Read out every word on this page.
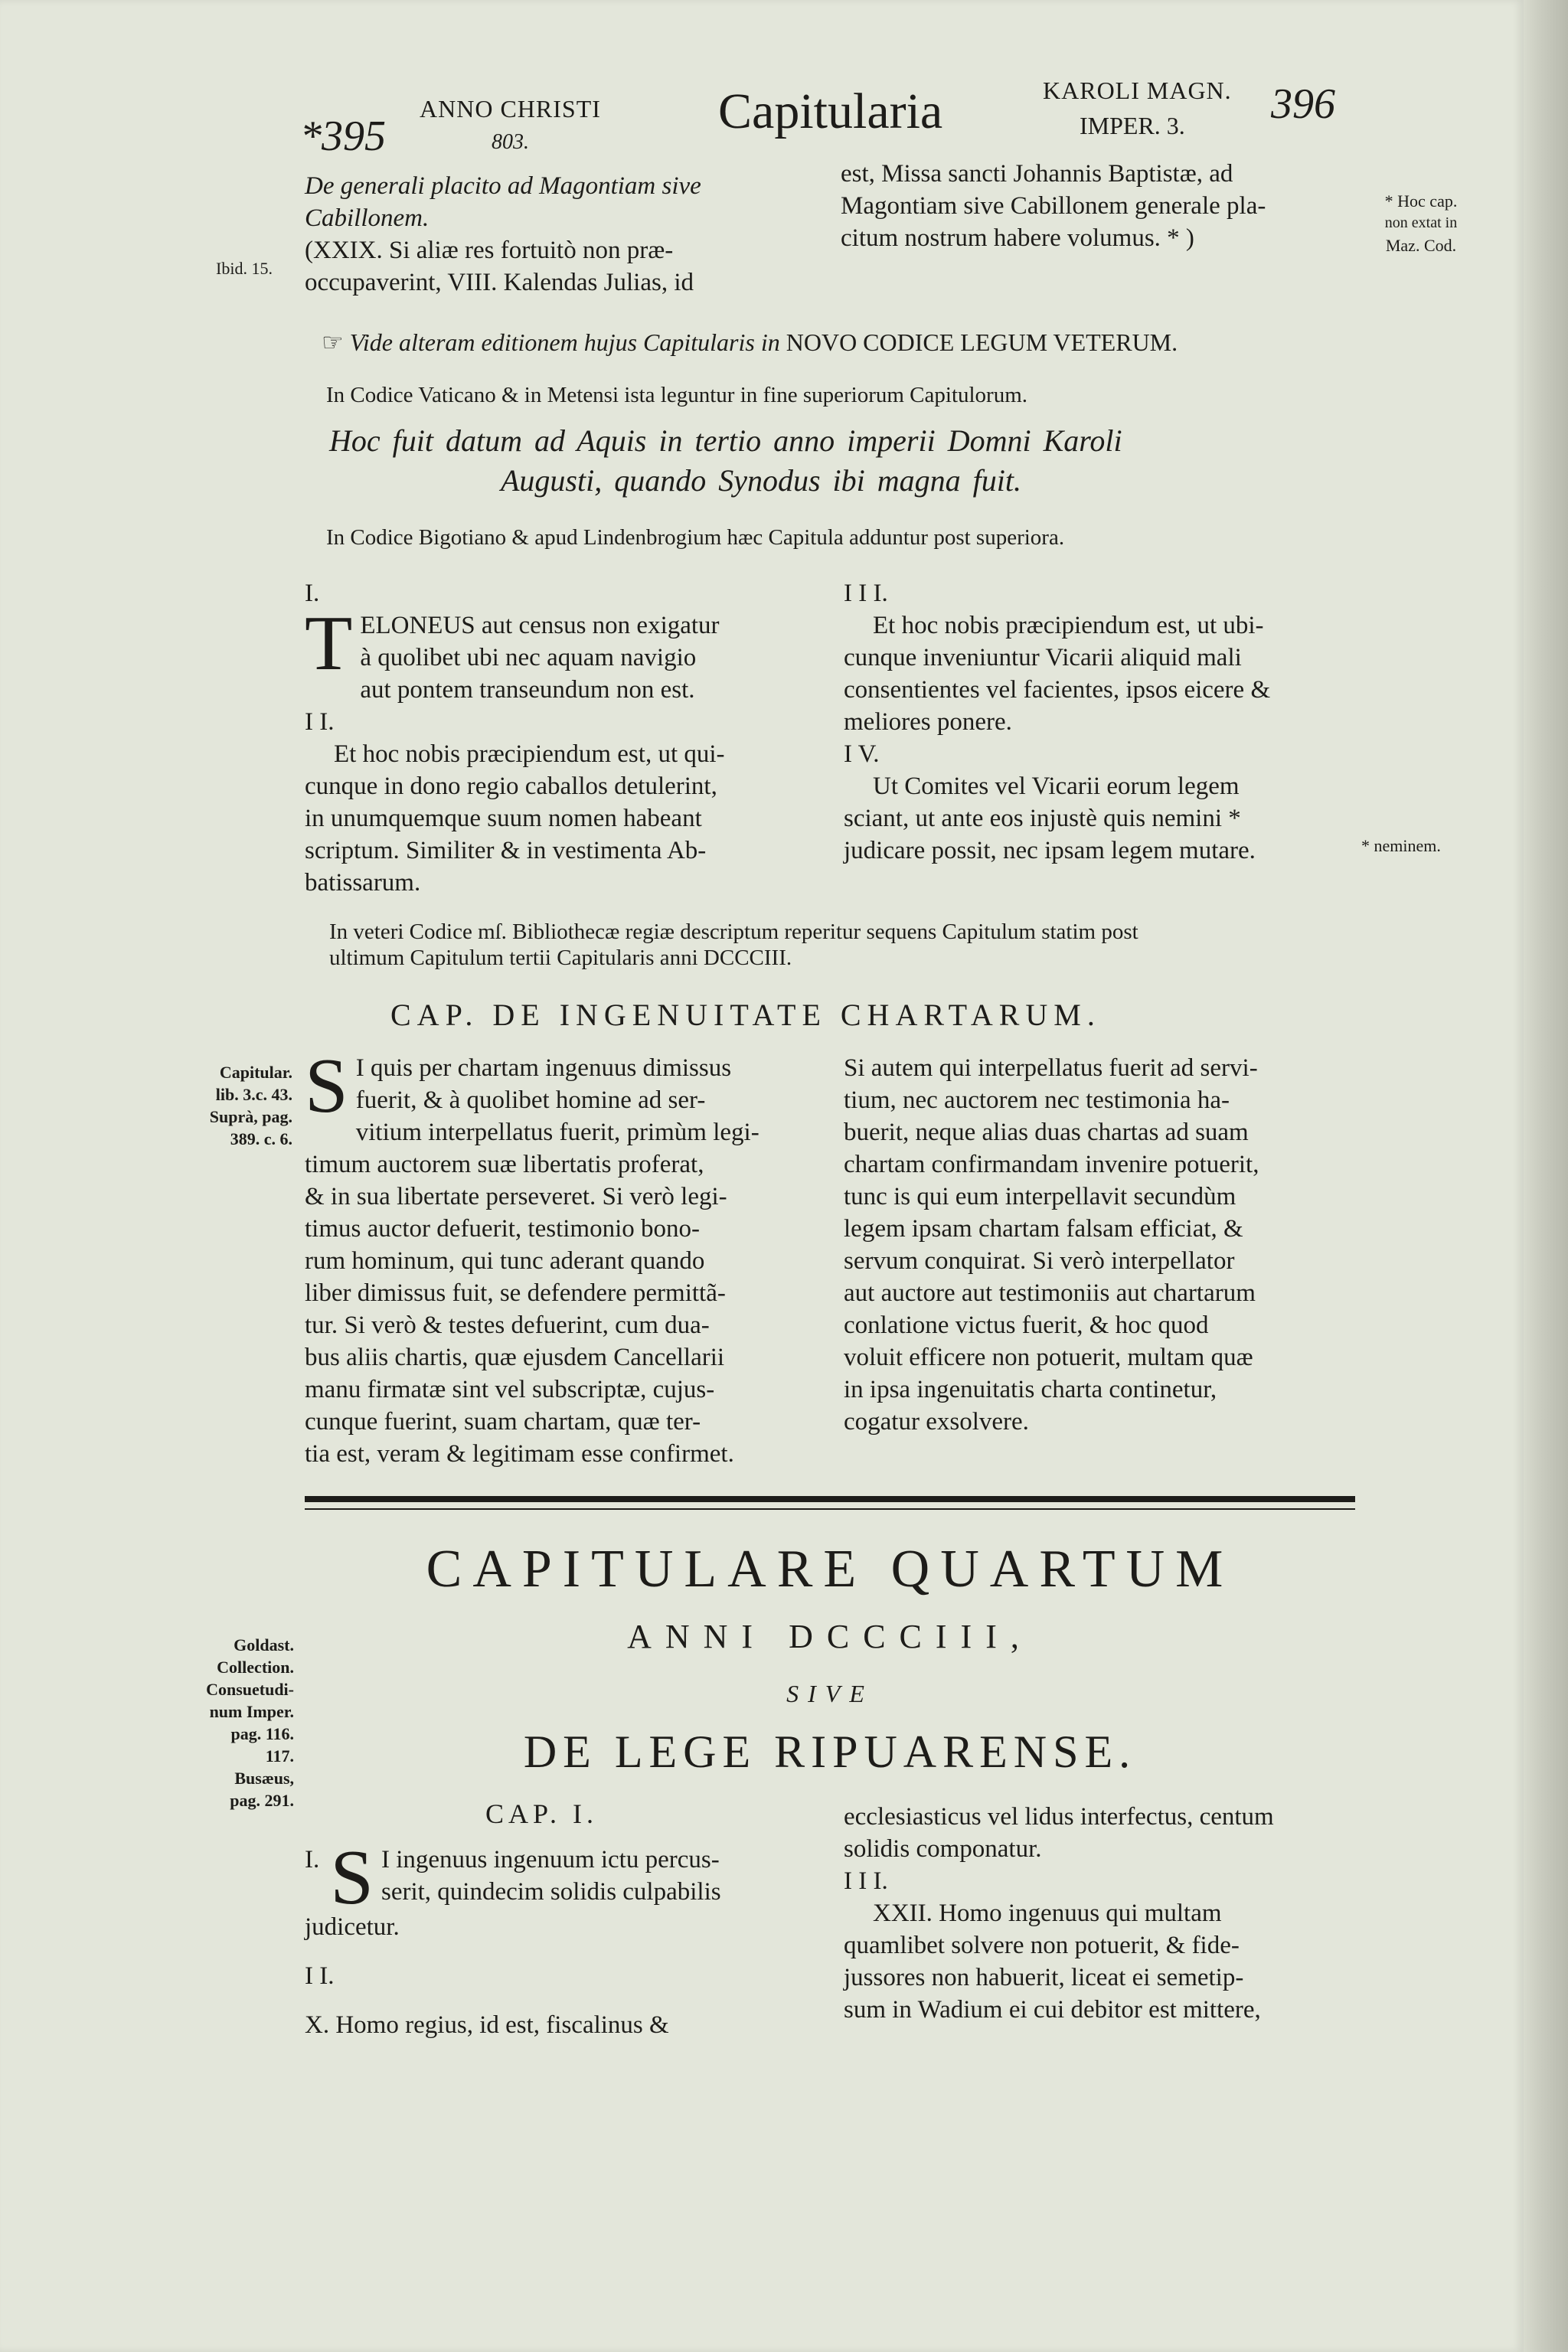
*395
ANNO CHRISTI
803.
Capitularia	KAROLI MAGN.
IMPER. 3. 396
Ibid. 15.
* Hoc cap.
non extat in
Maz. Cod.
* neminem.
Capitular.
lib. 3.c. 43.
Suprà, pag.
389. c. 6.
Goldast.
Collection.
Consuetudi-
num Imper.
pag. 116.
117.
Busæus,
pag. 291.

De generali placito ad Magontiam sive

Cabillonem.

(XXIX. Si aliæ res fortuitò non præ-

occupaverint, VIII. Kalendas Julias, id

est, Missa sancti Johannis Baptistæ, ad

Magontiam sive Cabillonem generale pla-

citum nostrum habere volumus. * )

☞ Vide alteram editionem hujus Capitularis in NOVO CODICE LEGUM VETERUM.
In Codice Vaticano & in Metensi ista leguntur in fine superiorum Capitulorum.
Hoc fuit datum ad Aquis in tertio anno imperii Domni Karoli
Augusti, quando Synodus ibi magna fuit.
In Codice Bigotiano & apud Lindenbrogium hæc Capitula adduntur post superiora.

I.

T ELONEUS aut census non exigatur

à quolibet ubi nec aquam navigio

aut pontem transeundum non est.

I I.

Et hoc nobis præcipiendum est, ut qui-

cunque in dono regio caballos detulerint,

in unumquemque suum nomen habeant

scriptum. Similiter & in vestimenta Ab-

batissarum.

I I I.

Et hoc nobis præcipiendum est, ut ubi-

cunque inveniuntur Vicarii aliquid mali

consentientes vel facientes, ipsos eicere &

meliores ponere.

I V.

Ut Comites vel Vicarii eorum legem

sciant, ut ante eos injustè quis nemini *

judicare possit, nec ipsam legem mutare.

In veteri Codice mſ. Bibliothecæ regiæ descriptum reperitur sequens Capitulum statim post
ultimum Capitulum tertii Capitularis anni DCCCIII.
CAP. DE INGENUITATE CHARTARUM.
S I quis per chartam ingenuus dimissus

fuerit, & à quolibet homine ad ser-

vitium interpellatus fuerit, primùm legi-

timum auctorem suæ libertatis proferat,

& in sua libertate perseveret. Si verò legi-

timus auctor defuerit, testimonio bono-

rum hominum, qui tunc aderant quando

liber dimissus fuit, se defendere permittã-

tur. Si verò & testes defuerint, cum dua-

bus aliis chartis, quæ ejusdem Cancellarii

manu firmatæ sint vel subscriptæ, cujus-

cunque fuerint, suam chartam, quæ ter-

tia est, veram & legitimam esse confirmet.

Si autem qui interpellatus fuerit ad servi-

tium, nec auctorem nec testimonia ha-

buerit, neque alias duas chartas ad suam

chartam confirmandam invenire potuerit,

tunc is qui eum interpellavit secundùm

legem ipsam chartam falsam efficiat, &

servum conquirat. Si verò interpellator

aut auctore aut testimoniis aut chartarum

conlatione victus fuerit, & hoc quod

voluit efficere non potuerit, multam quæ

in ipsa ingenuitatis charta continetur,

cogatur exsolvere.

CAPITULARE QUARTUM
ANNI DCCCIII,
SIVE
DE LEGE RIPUARENSE.
CAP. I.
I. S I ingenuus ingenuum ictu percus-

serit, quindecim solidis culpabilis

judicetur.

I I.

X. Homo regius, id est, fiscalinus &

ecclesiasticus vel lidus interfectus, centum

solidis componatur.

I I I.

XXII. Homo ingenuus qui multam

quamlibet solvere non potuerit, & fide-

jussores non habuerit, liceat ei semetip-

sum in Wadium ei cui debitor est mittere,
